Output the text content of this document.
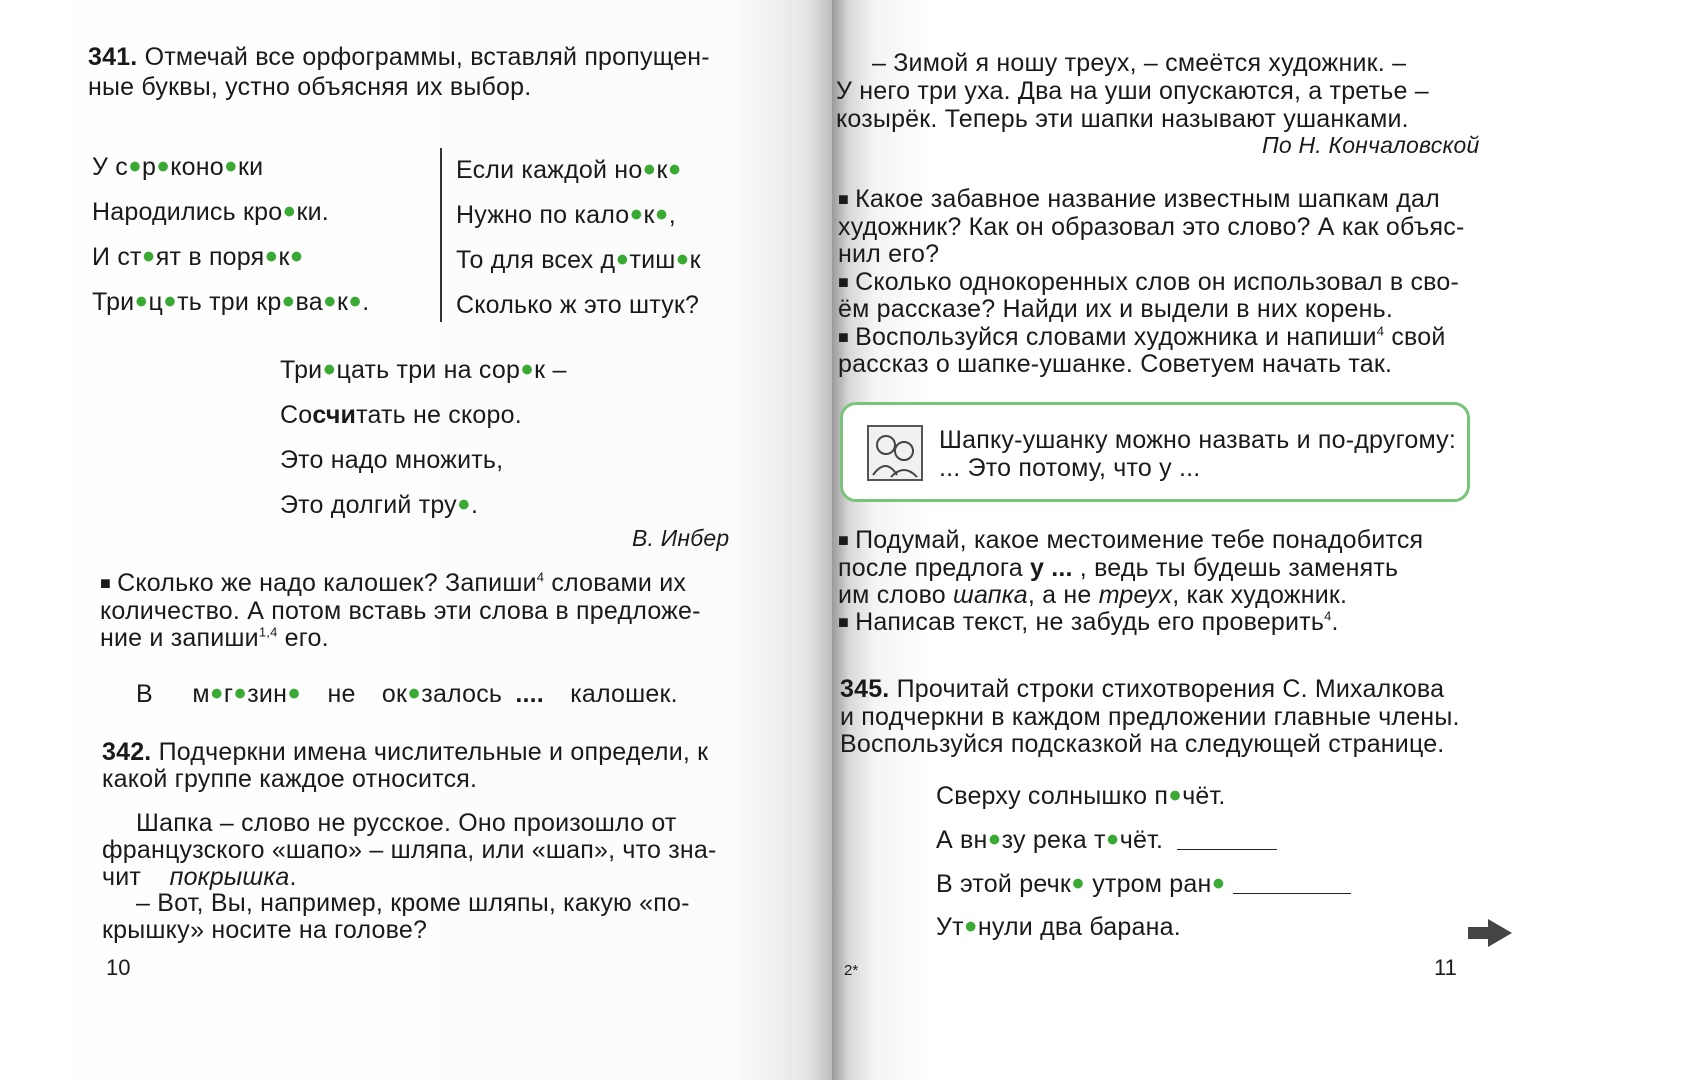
341. Отмечай все орфограммы, вставляй пропущен-
ные буквы, устно объясняя их выбор.
У с•р•коно•ки
Народились кро•ки.
И ст•ят в поря•к•
Три•ц•ть три кр•ва•к•.
Если каждой но•к•
Нужно по кало•к•,
То для всех д•тиш•к
Сколько ж это штук?
Три•цать три на сор•к –
Сосчитать не скоро.
Это надо множить,
Это долгий тру•.
В. Инбер
■ Сколько же надо калошек? Запиши$^4$ словами их
количество. А потом вставь эти слова в предложе-
ние и запиши$^{1,4}$ его.
В м•г•зин• не ок•залось .... калошек.
342. Подчеркни имена числительные и определи, к
какой группе каждое относится.
Шапка – слово не русское. Оно произошло от
французского «шапо» – шляпа, или «шап», что зна-
чит    покрышка.
– Вот, Вы, например, кроме шляпы, какую «по-
крышку» носите на голове?
10
– Зимой я ношу треух, – смеётся художник. –
У него три уха. Два на уши опускаются, а третье –
козырёк. Теперь эти шапки называют ушанками.
По Н. Кончаловской
■ Какое забавное название известным шапкам дал
художник? Как он образовал это слово? А как объяс-
нил его?
■ Сколько однокоренных слов он использовал в сво-
ём рассказе? Найди их и выдели в них корень.
■ Воспользуйся словами художника и напиши$^4$ свой
рассказ о шапке-ушанке. Советуем начать так.
Шапку-ушанку можно назвать и по-другому:
... Это потому, что у ...
■ Подумай, какое местоимение тебе понадобится
после предлога у ... , ведь ты будешь заменять
им слово шапка, а не треух, как художник.
■ Написав текст, не забудь его проверить$^4$.
345. Прочитай строки стихотворения С. Михалкова
и подчеркни в каждом предложении главные члены.
Воспользуйся подсказкой на следующей странице.
Сверху солнышко п•чёт.
А вн•зу река т•чёт.
В этой речк• утром ран•
Ут•нули два барана.
2*	11
